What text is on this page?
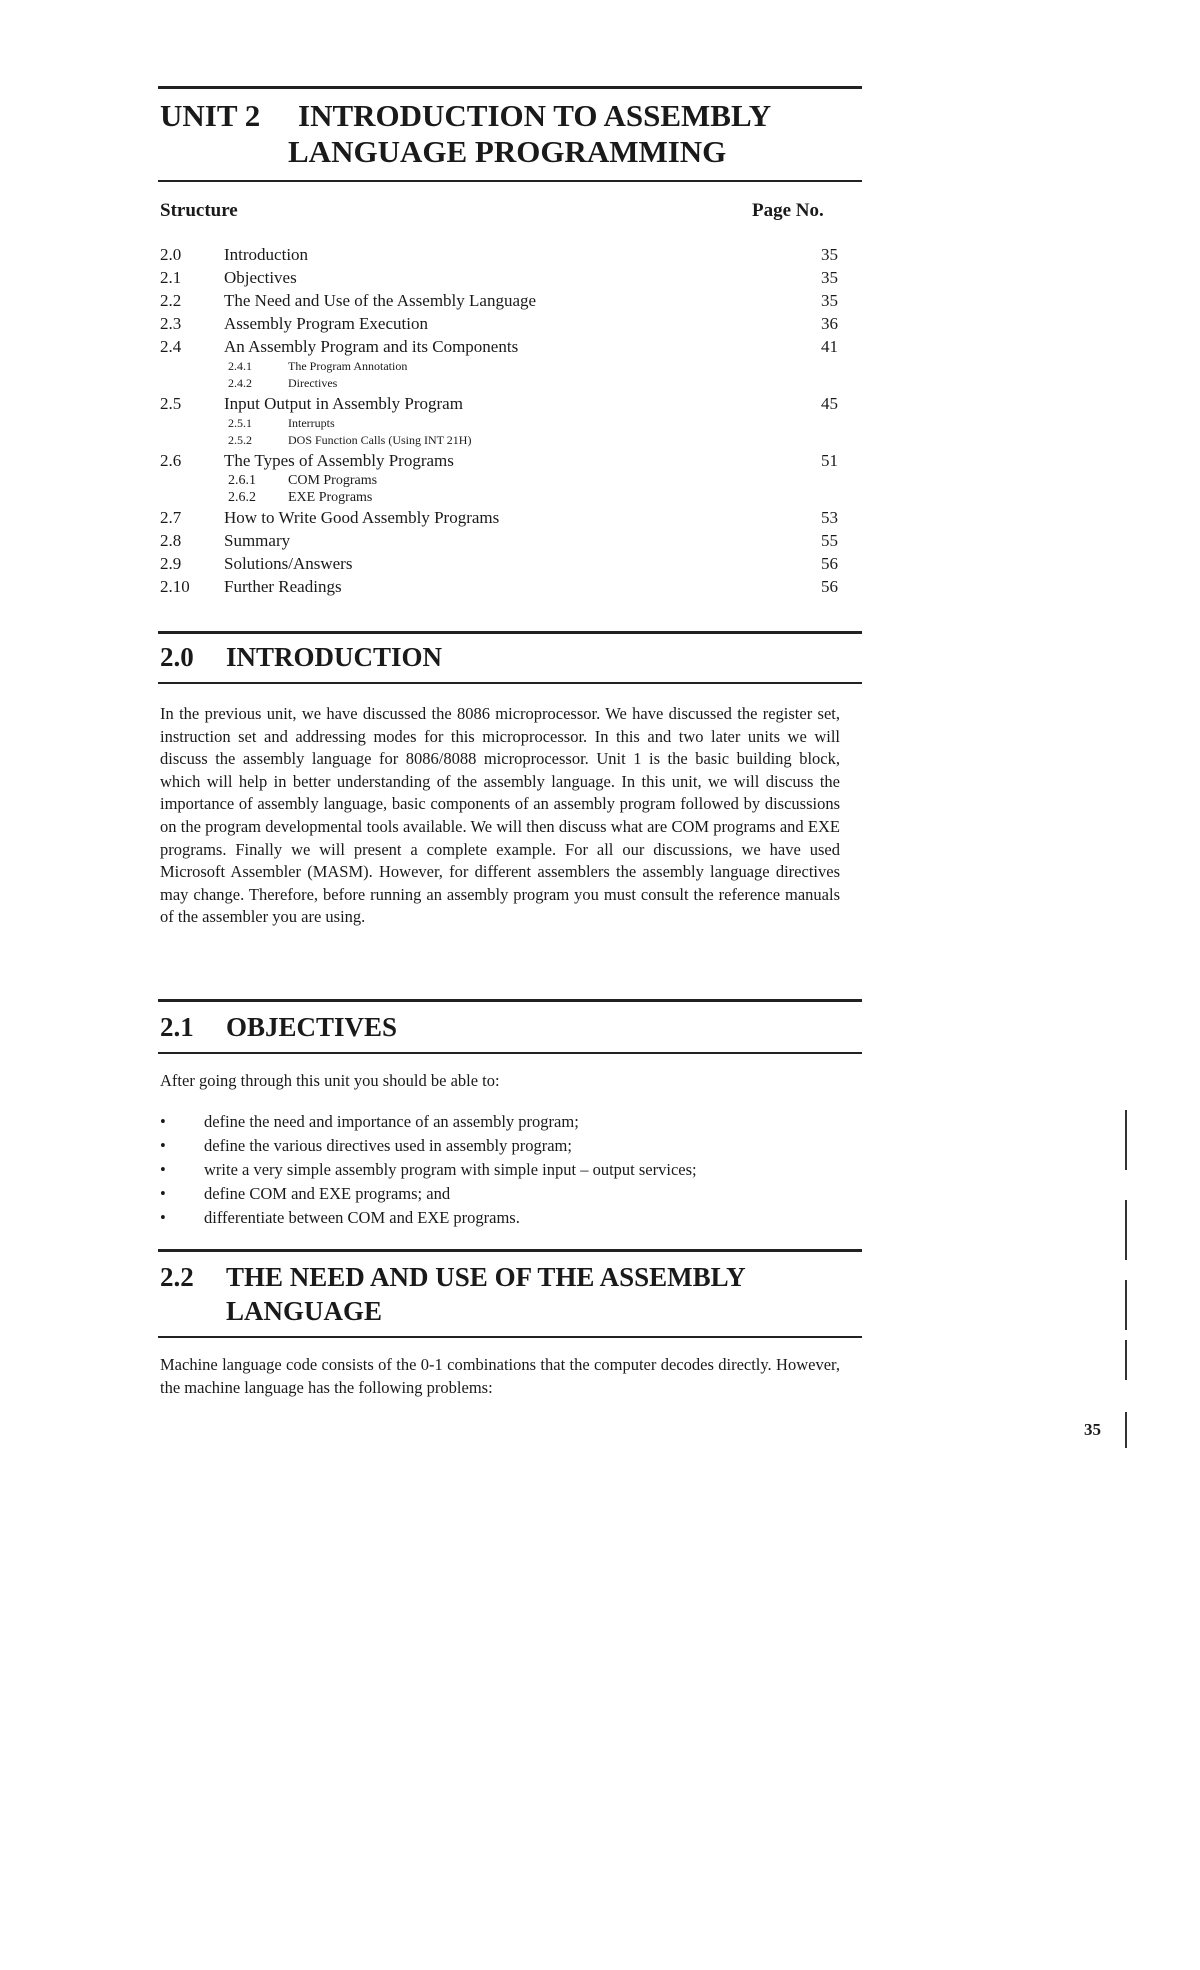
UNIT 2 INTRODUCTION TO ASSEMBLY
LANGUAGE PROGRAMMING
Structure	Page No.
2.0	Introduction	35
2.1	Objectives	35
2.2	The Need and Use of the Assembly Language	35
2.3	Assembly Program Execution	36
2.4	An Assembly Program and its Components	41
2.4.1	The Program Annotation
2.4.2	Directives
2.5	Input Output in Assembly Program	45
2.5.1	Interrupts
2.5.2	DOS Function Calls (Using INT 21H)
2.6	The Types of Assembly Programs	51
2.6.1 COM Programs
2.6.2 EXE Programs
2.7	How to Write Good Assembly Programs	53
2.8	Summary	55
2.9	Solutions/Answers	56
2.10 Further Readings	56
2.0 INTRODUCTION

In the previous unit, we have discussed the 8086 microprocessor. We have discussed the register set, instruction set and addressing modes for this microprocessor. In this and two later units we will discuss the assembly language for 8086/8088 microprocessor. Unit 1 is the basic building block, which will help in better understanding of the assembly language. In this unit, we will discuss the importance of assembly language, basic components of an assembly program followed by discussions on the program developmental tools available. We will then discuss what are COM programs and EXE programs. Finally we will present a complete example. For all our discussions, we have used Microsoft Assembler (MASM). However, for different assemblers the assembly language directives may change. Therefore, before running an assembly program you must consult the reference manuals of the assembler you are using.

2.1 OBJECTIVES

After going through this unit you should be able to:

• define the need and importance of an assembly program;
• define the various directives used in assembly program;
• write a very simple assembly program with simple input – output services;
• define COM and EXE programs; and
• differentiate between COM and EXE programs.
2.2 THE NEED AND USE OF THE ASSEMBLY
LANGUAGE

Machine language code consists of the 0-1 combinations that the computer decodes directly. However, the machine language has the following problems:

35
